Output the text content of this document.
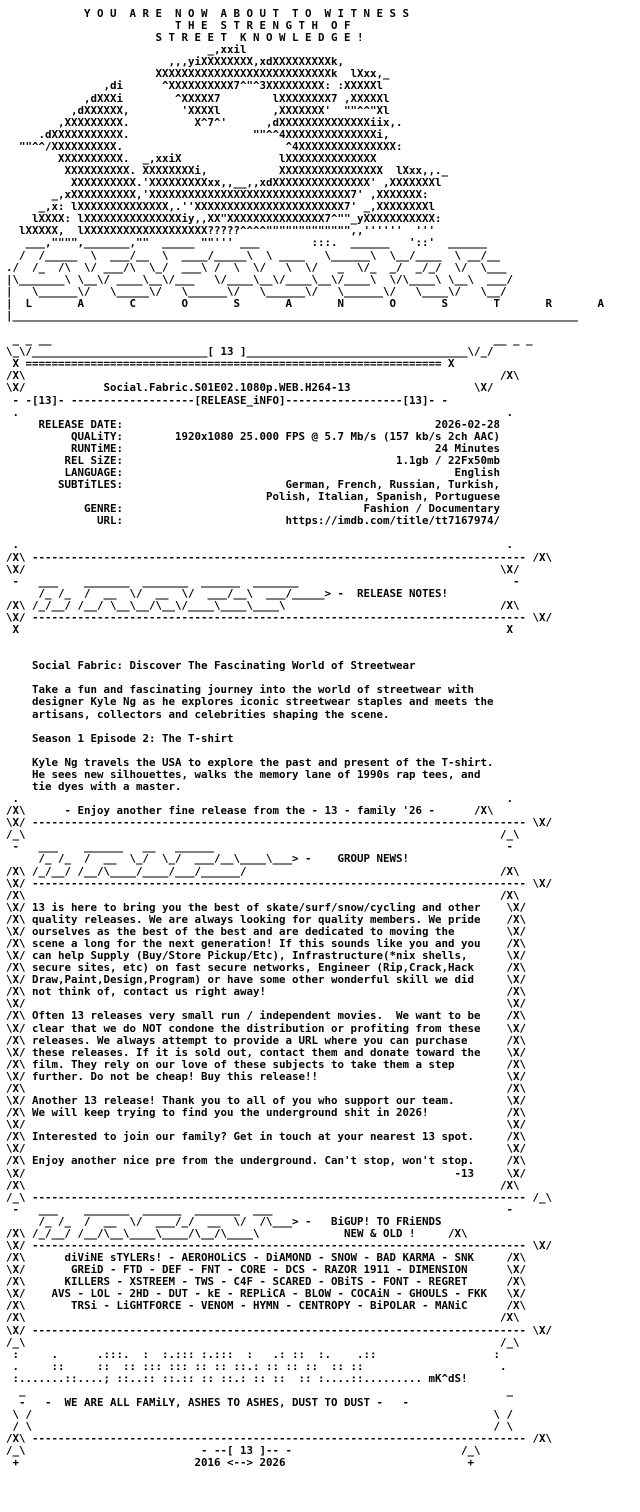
Y O U  A R E  N O W  A B O U T  T O  W I T N E S S
T H E  S T R E N G T H  O F
S T R E E T  K N O W L E D G E !
_,xxil
,,,yiXXXXXXXX,xdXXXXXXXXXk,
XXXXXXXXXXXXXXXXXXXXXXXXXXXk  lXxx,_
,di      ^XXXXXXXXXX7^"^3XXXXXXXXX: :XXXXXl
,dXXXi        ^XXXXX7        lXXXXXXXX7 ,XXXXXl
,dXXXXXX,        'XXXXl        ,XXXXXXX'  ""^^"Xl
,XXXXXXXXX.          X^7^'      ,dXXXXXXXXXXXXXXiix,.
.dXXXXXXXXXXX.                   ""^^4XXXXXXXXXXXXXXi,
""^^/XXXXXXXXXX.                         ^4XXXXXXXXXXXXXXX:
XXXXXXXXXX.  _,xxiX               lXXXXXXXXXXXXXX
XXXXXXXXXX. XXXXXXXXi,           XXXXXXXXXXXXXXXX  lXxx,,._
XXXXXXXXXX.'XXXXXXXXXxx,,__,,xdXXXXXXXXXXXXXXX' ,XXXXXXXl
_,xXXXXXXXXXX,'XXXXXXXXXXXXXXXXXXXXXXXXXXXXXXX7' ,XXXXXXX:
_,x: lXXXXXXXXXXXXXX,.''XXXXXXXXXXXXXXXXXXXXXXX7' _,XXXXXXXXl
lXXXX: lXXXXXXXXXXXXXXXiy,,XX"XXXXXXXXXXXXXXX7^""_yXXXXXXXXXXX:
lXXXXX,  lXXXXXXXXXXXXXXXXXXX?????^^^^""""""""""""",,''''''  '''
___,"""",_______,""  _____ ""''' ___        :::.  ______   '::'  ______
/  /_____  \  ___/__  \  ____/_____\  \ ____   \______\  \__/____  \ __/__
./  /_  /\  \/ ___/\  \_/  ___\ /  \  \/   \  \/   _  \/_  _/  _/_/  \/  \___
|\_______\ \__\/ ____\__\/___   \/____\__\/____\__\/____\  \/\____\ \__\  ___/
|   \______\/   \_____\/   \______\/   \______\/   \______\/   \____\/   \__/
|  L       A       C       O       S       A       N       O       S       T       R       A
|_______________________________________________________________________________________

_ _ __                                                                    __ _ _
\_\/___________________________[ 13 ]__________________________________\/_/
X ================================================================ X
/X\                                                                         /X\
\X/            Social.Fabric.S01E02.1080p.WEB.H264-13                   \X/
- -[13]- -------------------[RELEASE_iNFO]------------------[13]- -
.                                                                           .
RELEASE DATE:                                                2026-02-28
QUALiTY:        1920x1080 25.000 FPS @ 5.7 Mb/s (157 kb/s 2ch AAC)
RUNTiME:                                                24 Minutes
REL SiZE:                                          1.1gb / 22Fx50mb
LANGUAGE:                                                   English
SUBTiTLES:                         German, French, Russian, Turkish,
Polish, Italian, Spanish, Portuguese
GENRE:                                     Fashion / Documentary
URL:                         https://imdb.com/title/tt7167974/

.                                                                           .
/X\ ---------------------------------------------------------------------------- /X\
\X/                                                                         \X/
-   ___    _______  _______  ______  _______                                 -
/_ /_  /  __  \/  __  \/  ___/__\  ___/_____> -  RELEASE NOTES!
/X\ /_/__/ /__/ \__\__/\__\/____\____\____\                                 /X\
\X/ ---------------------------------------------------------------------------- \X/
X                                                                           X

Social Fabric: Discover The Fascinating World of Streetwear

Take a fun and fascinating journey into the world of streetwear with
designer Kyle Ng as he explores iconic streetwear staples and meets the
artisans, collectors and celebrities shaping the scene.

Season 1 Episode 2: The T-shirt

Kyle Ng travels the USA to explore the past and present of the T-shirt.
He sees new silhouettes, walks the memory lane of 1990s rap tees, and
tie dyes with a master.
.                                                                           .
/X\      - Enjoy another fine release from the - 13 - family '26 -      /X\
\X/ ---------------------------------------------------------------------------- \X/
/_\                                                                         /_\
-   ___    ______   __   ______                                             -
/_ /_  /  __  \_/  \_/  ___/__\____\___> -    GROUP NEWS!
/X\ /_/__/ /__/\____/____/___/______/                                       /X\
\X/ ---------------------------------------------------------------------------- \X/
/X\                                                                         /X\
\X/ 13 is here to bring you the best of skate/surf/snow/cycling and other    \X/
/X\ quality releases. We are always looking for quality members. We pride    /X\
\X/ ourselves as the best of the best and are dedicated to moving the        \X/
/X\ scene a long for the next generation! If this sounds like you and you    /X\
\X/ can help Supply (Buy/Store Pickup/Etc), Infrastructure(*nix shells,      \X/
/X\ secure sites, etc) on fast secure networks, Engineer (Rip,Crack,Hack     /X\
\X/ Draw,Paint,Design,Program) or have some other wonderful skill we did     \X/
/X\ not think of, contact us right away!                                     /X\
\X/                                                                          \X/
/X\ Often 13 releases very small run / independent movies.  We want to be    /X\
\X/ clear that we do NOT condone the distribution or profiting from these    \X/
/X\ releases. We always attempt to provide a URL where you can purchase      /X\
\X/ these releases. If it is sold out, contact them and donate toward the    \X/
/X\ film. They rely on our love of these subjects to take them a step        /X\
\X/ further. Do not be cheap! Buy this release!!                             \X/
/X\                                                                          /X\
\X/ Another 13 release! Thank you to all of you who support our team.        \X/
/X\ We will keep trying to find you the underground shit in 2026!            /X\
\X/                                                                          \X/
/X\ Interested to join our family? Get in touch at your nearest 13 spot.     /X\
\X/                                                                          \X/
/X\ Enjoy another nice pre from the underground. Can't stop, won't stop.     /X\
\X/                                                                  -13     \X/
/X\                                                                         /X\
/_\ ---------------------------------------------------------------------------- /_\
-   ___    _______  ______  _______  ___                                    -
/_ /_  /  __  \/  ___/_/  __  \/  /\___> -   BiGUP! TO FRiENDS
/X\ /_/__/ /__/\__\____\____/\__/\____\             NEW & OLD !     /X\
\X/ ---------------------------------------------------------------------------- \X/
/X\      diViNE sTYLERs! - AEROHOLiCS - DiAMOND - SNOW - BAD KARMA - SNK     /X\
\X/       GREiD - FTD - DEF - FNT - CORE - DCS - RAZOR 1911 - DIMENSION      \X/
/X\      KILLERS - XSTREEM - TWS - C4F - SCARED - OBiTS - FONT - REGRET      /X\
\X/    AVS - LOL - 2HD - DUT - kE - REPLiCA - BLOW - COCAiN - GHOULS - FKK   \X/
/X\       TRSi - LiGHTFORCE - VENOM - HYMN - CENTROPY - BiPOLAR - MANiC      /X\
/X\                                                                         /X\
\X/ ---------------------------------------------------------------------------- \X/
/_\                                                                         /_\
:     .      .:::.  :  :.::: :.:::  :   .: ::  :.    .::                  :
.     ::     ::  :: ::: ::: :: :: ::.: :: :: ::  :: ::                     .
:.......::....; ::..:: ::.:: :: ::.: :: ::  :: :....::......... mK^dS!
_                                                                          _
-   -  WE ARE ALL FAMiLY, ASHES TO ASHES, DUST TO DUST -   -
\ /                                                                       \ /
/ \                                                                       / \
/X\ ---------------------------------------------------------------------------- /X\
/_\                           - --[ 13 ]-- -                          /_\
+                           2016 <--> 2026                            +
